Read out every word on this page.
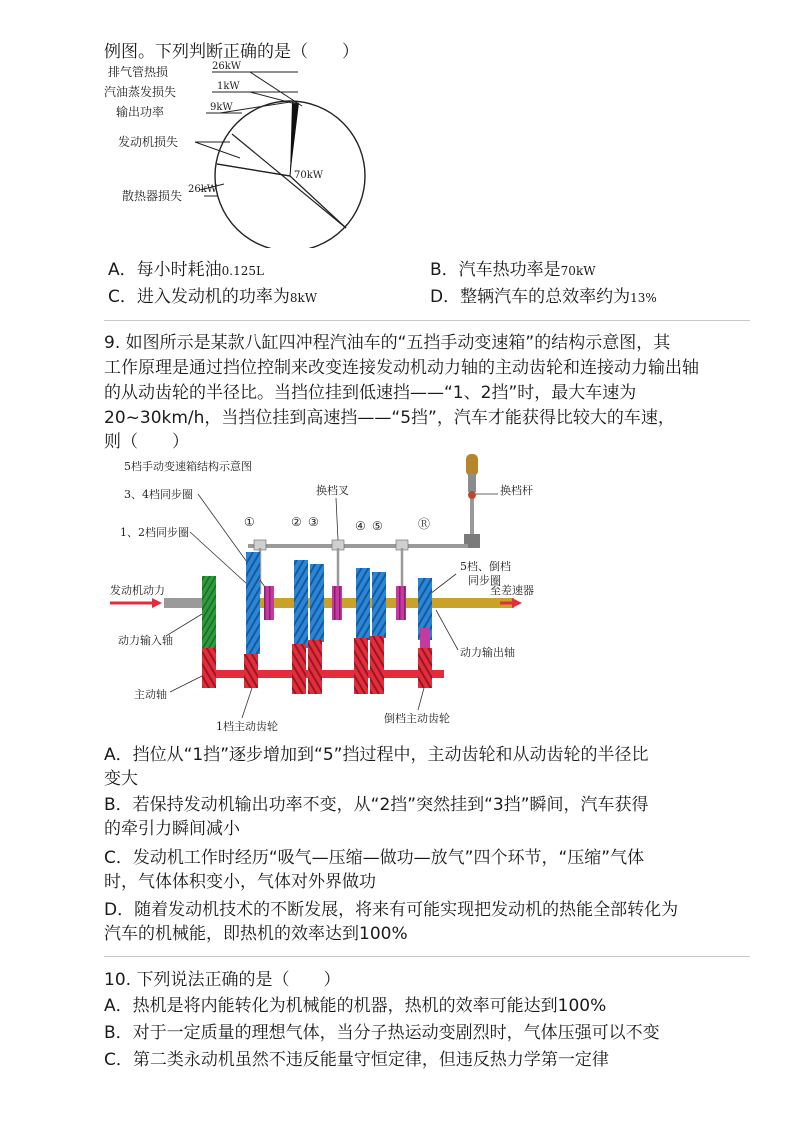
例图。下列判断正确的是（　　）
排气管热损	26kW
汽油蒸发损失	1kW
输出功率	9kW
发动机损失
70kW
散热器损失 26kW
A．每小时耗油0.125L	B．汽车热功率是70kW
C．进入发动机的功率为8kW	D．整辆汽车的总效率约为13%
9. 如图所示是某款八缸四冲程汽油车的“五挡手动变速箱”的结构示意图，其
工作原理是通过挡位控制来改变连接发动机动力轴的主动齿轮和连接动力输出轴
的从动齿轮的半径比。当挡位挂到低速挡——“1、2挡”时，最大车速为
20~30km/h，当挡位挂到高速挡——“5挡”，汽车才能获得比较大的车速，
则（　　）
5档手动变速箱结构示意图
换档杆
换档叉
①	② ③	④ ⑤	Ⓡ
3、4档同步圈
1、2档同步圈
5档、倒档
同步圈
发动机动力	至差速器
动力输入轴
动力输出轴
主动轴
1档主动齿轮
倒档主动齿轮
A．挡位从“1挡”逐步增加到“5”挡过程中，主动齿轮和从动齿轮的半径比
变大
B．若保持发动机输出功率不变，从“2挡”突然挂到“3挡”瞬间，汽车获得
的牵引力瞬间减小
C．发动机工作时经历“吸气—压缩—做功—放气”四个环节，“压缩”气体
时，气体体积变小，气体对外界做功
D．随着发动机技术的不断发展，将来有可能实现把发动机的热能全部转化为
汽车的机械能，即热机的效率达到100%
10. 下列说法正确的是（　　）
A．热机是将内能转化为机械能的机器，热机的效率可能达到100%
B．对于一定质量的理想气体，当分子热运动变剧烈时，气体压强可以不变
C．第二类永动机虽然不违反能量守恒定律，但违反热力学第一定律
